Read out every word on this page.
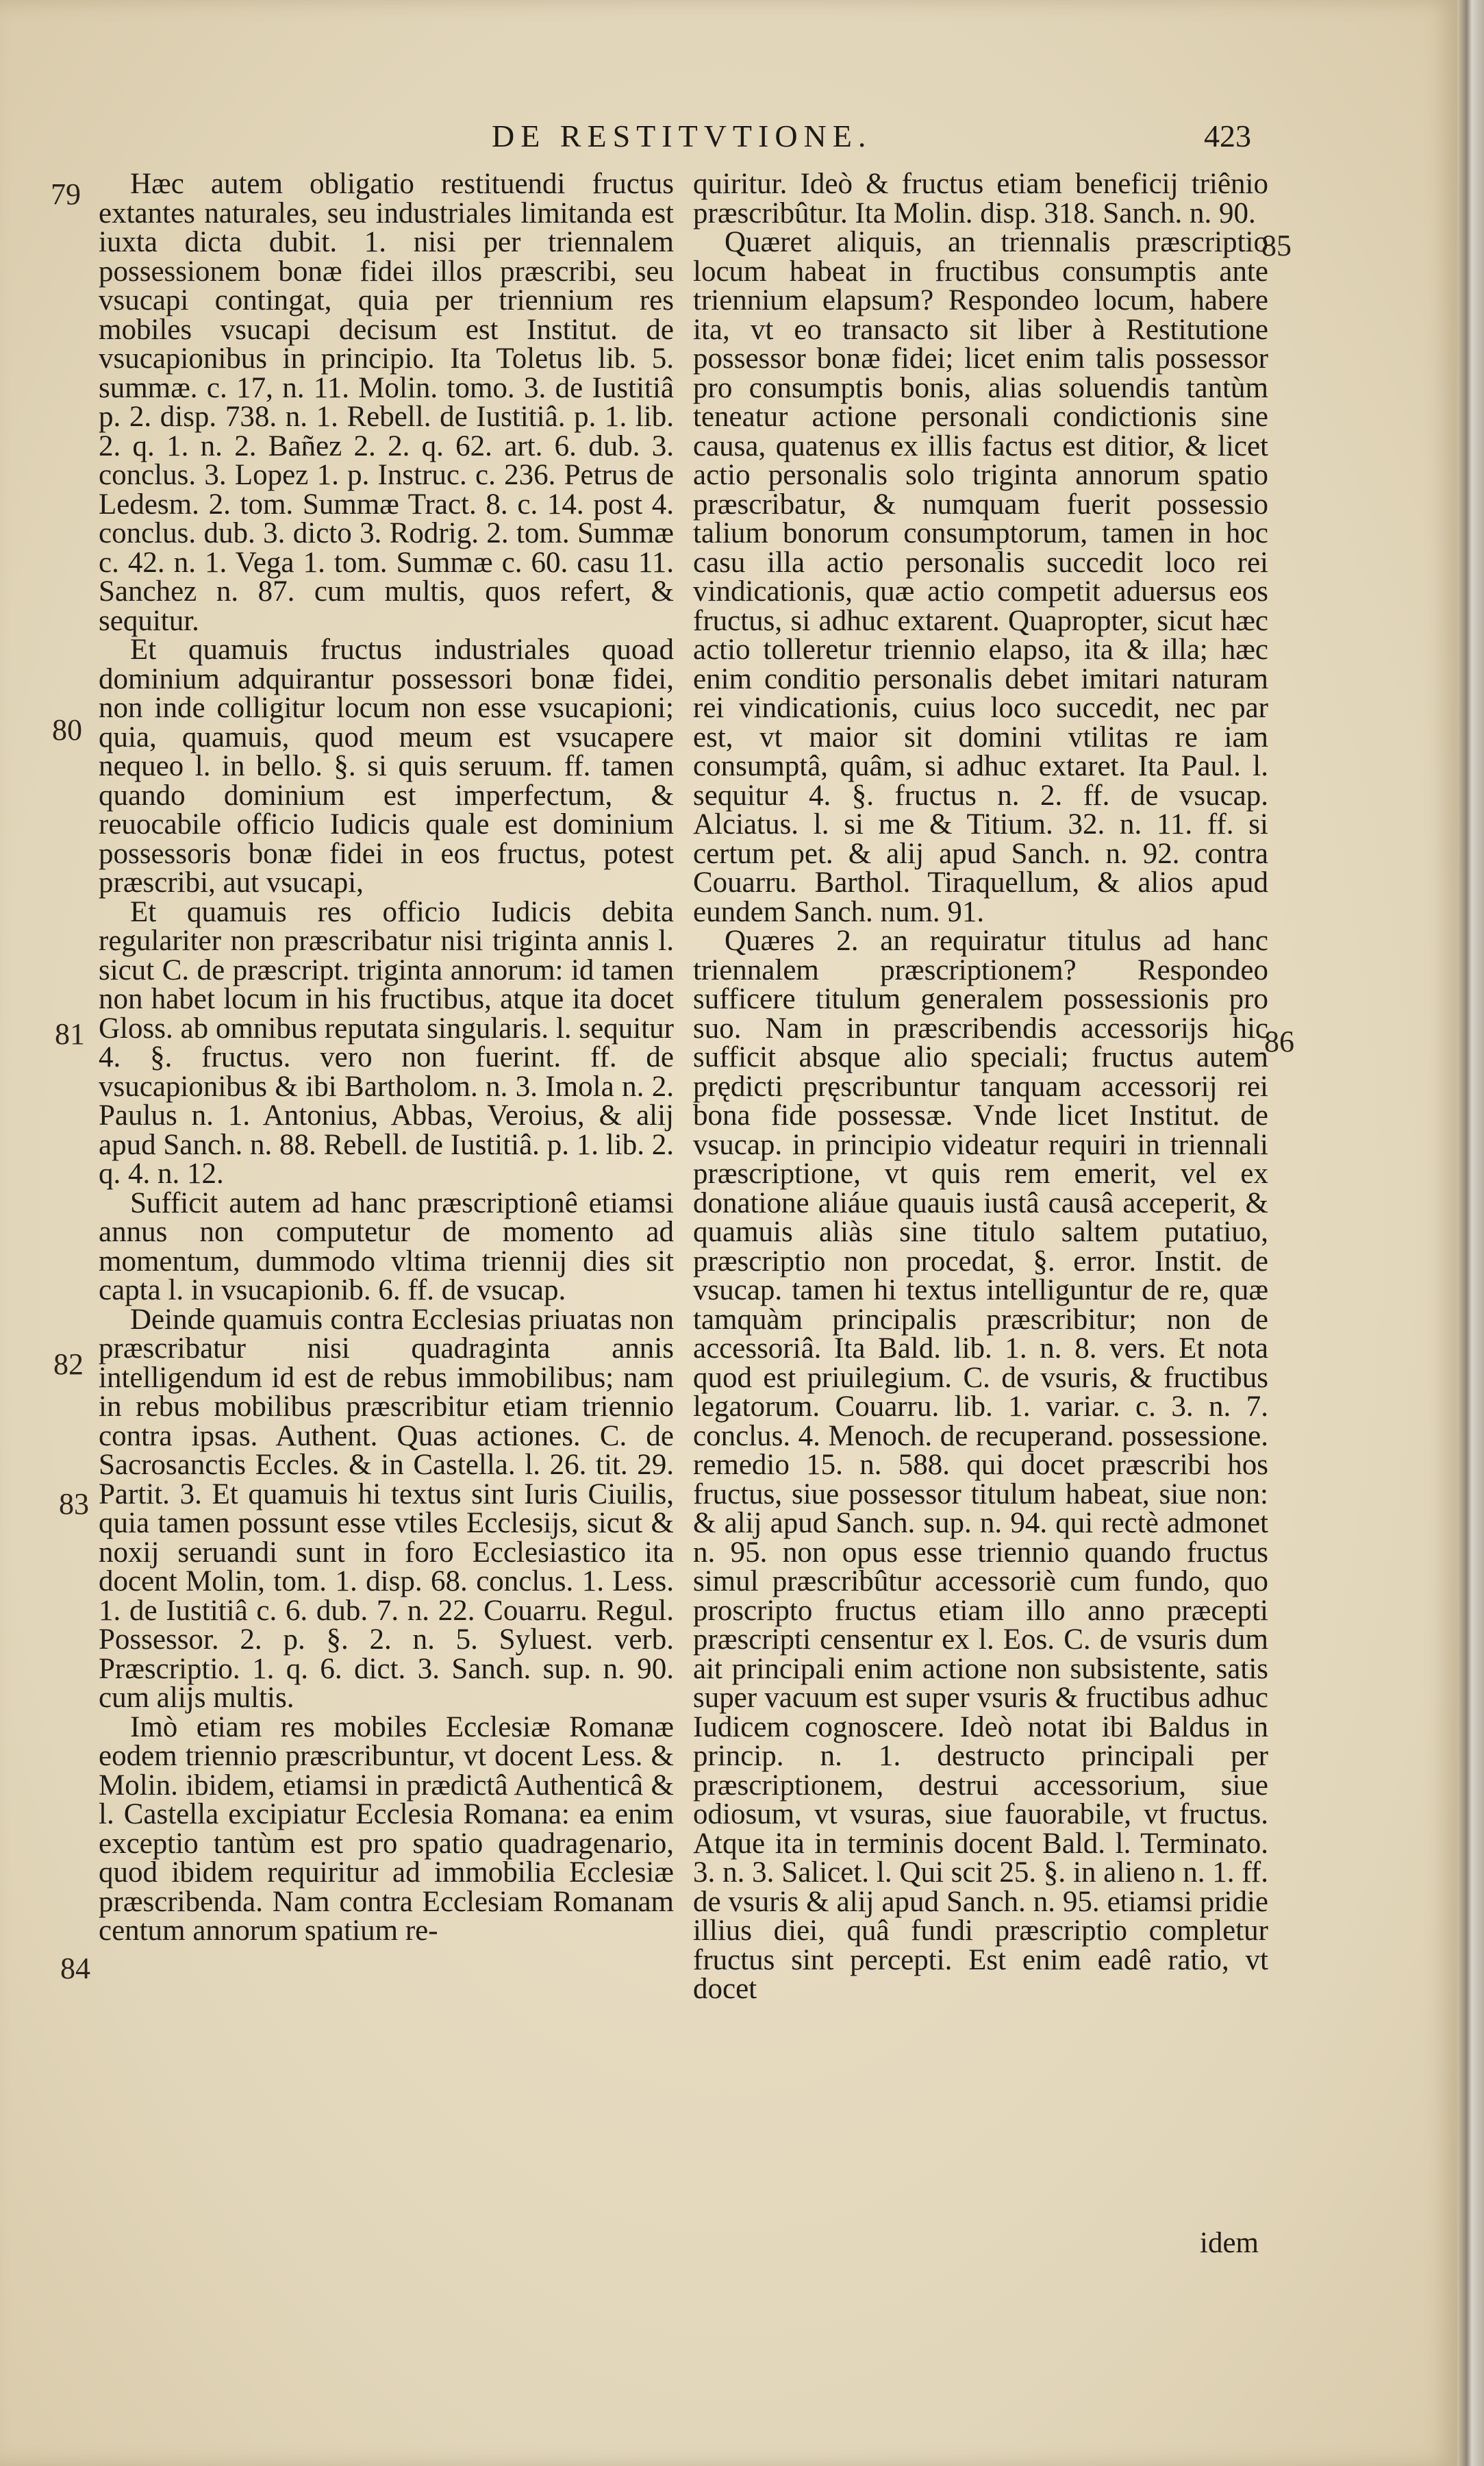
DE RESTITVTIONE.	423
79
80
81
82
83
84
85
86

Hæc autem obligatio restituendi fructus extantes naturales, seu industriales limitanda est iuxta dicta dubit. 1. nisi per triennalem possessionem bonæ fidei illos præscribi, seu vsucapi contingat, quia per triennium res mobiles vsucapi decisum est Institut. de vsucapionibus in principio. Ita Toletus lib. 5. summæ. c. 17, n. 11. Molin. tomo. 3. de Iustitiâ p. 2. disp. 738. n. 1. Rebell. de Iustitiâ. p. 1. lib. 2. q. 1. n. 2. Bañez 2. 2. q. 62. art. 6. dub. 3. conclus. 3. Lopez 1. p. Instruc. c. 236. Petrus de Ledesm. 2. tom. Summæ Tract. 8. c. 14. post 4. conclus. dub. 3. dicto 3. Rodrig. 2. tom. Summæ c. 42. n. 1. Vega 1. tom. Summæ c. 60. casu 11. Sanchez n. 87. cum multis, quos refert, & sequitur.

Et quamuis fructus industriales quoad dominium adquirantur possessori bonæ fidei, non inde colligitur locum non esse vsucapioni; quia, quamuis, quod meum est vsucapere nequeo l. in bello. §. si quis seruum. ff. tamen quando dominium est imperfectum, & reuocabile officio Iudicis quale est dominium possessoris bonæ fidei in eos fructus, potest præscribi, aut vsucapi,

Et quamuis res officio Iudicis debita regulariter non præscribatur nisi triginta annis l. sicut C. de præscript. triginta annorum: id tamen non habet locum in his fructibus, atque ita docet Gloss. ab omnibus reputata singularis. l. sequitur 4. §. fructus. vero non fuerint. ff. de vsucapionibus & ibi Bartholom. n. 3. Imola n. 2. Paulus n. 1. Antonius, Abbas, Veroius, & alij apud Sanch. n. 88. Rebell. de Iustitiâ. p. 1. lib. 2. q. 4. n. 12.

Sufficit autem ad hanc præscriptionê etiamsi annus non computetur de momento ad momentum, dummodo vltima triennij dies sit capta l. in vsucapionib. 6. ff. de vsucap.

Deinde quamuis contra Ecclesias priuatas non præscribatur nisi quadraginta annis intelligendum id est de rebus immobilibus; nam in rebus mobilibus præscribitur etiam triennio contra ipsas. Authent. Quas actiones. C. de Sacrosanctis Eccles. & in Castella. l. 26. tit. 29. Partit. 3. Et quamuis hi textus sint Iuris Ciuilis, quia tamen possunt esse vtiles Ecclesijs, sicut & noxij seruandi sunt in foro Ecclesiastico ita docent Molin, tom. 1. disp. 68. conclus. 1. Less. 1. de Iustitiâ c. 6. dub. 7. n. 22. Couarru. Regul. Possessor. 2. p. §. 2. n. 5. Syluest. verb. Præscriptio. 1. q. 6. dict. 3. Sanch. sup. n. 90. cum alijs multis.

Imò etiam res mobiles Ecclesiæ Romanæ eodem triennio præscribuntur, vt docent Less. & Molin. ibidem, etiamsi in prædictâ Authenticâ & l. Castella excipiatur Ecclesia Romana: ea enim exceptio tantùm est pro spatio quadragenario, quod ibidem requiritur ad immobilia Ecclesiæ præscribenda. Nam contra Ecclesiam Romanam centum annorum spatium re-

quiritur. Ideò & fructus etiam beneficij triênio præscribûtur. Ita Molin. disp. 318. Sanch. n. 90.

Quæret aliquis, an triennalis præscriptio locum habeat in fructibus consumptis ante triennium elapsum? Respondeo locum, habere ita, vt eo transacto sit liber à Restitutione possessor bonæ fidei; licet enim talis possessor pro consumptis bonis, alias soluendis tantùm teneatur actione personali condictionis sine causa, quatenus ex illis factus est ditior, & licet actio personalis solo triginta annorum spatio præscribatur, & numquam fuerit possessio talium bonorum consumptorum, tamen in hoc casu illa actio personalis succedit loco rei vindicationis, quæ actio competit aduersus eos fructus, si adhuc extarent. Quapropter, sicut hæc actio tolleretur triennio elapso, ita & illa; hæc enim conditio personalis debet imitari naturam rei vindicationis, cuius loco succedit, nec par est, vt maior sit domini vtilitas re iam consumptâ, quâm, si adhuc extaret. Ita Paul. l. sequitur 4. §. fructus n. 2. ff. de vsucap. Alciatus. l. si me & Titium. 32. n. 11. ff. si certum pet. & alij apud Sanch. n. 92. contra Couarru. Barthol. Tiraquellum, & alios apud eundem Sanch. num. 91.

Quæres 2. an requiratur titulus ad hanc triennalem præscriptionem? Respondeo sufficere titulum generalem possessionis pro suo. Nam in præscribendis accessorijs hic sufficit absque alio speciali; fructus autem prędicti pręscribuntur tanquam accessorij rei bona fide possessæ. Vnde licet Institut. de vsucap. in principio videatur requiri in triennali præscriptione, vt quis rem emerit, vel ex donatione aliáue quauis iustâ causâ acceperit, & quamuis aliàs sine titulo saltem putatiuo, præscriptio non procedat, §. error. Instit. de vsucap. tamen hi textus intelliguntur de re, quæ tamquàm principalis præscribitur; non de accessoriâ. Ita Bald. lib. 1. n. 8. vers. Et nota quod est priuilegium. C. de vsuris, & fructibus legatorum. Couarru. lib. 1. variar. c. 3. n. 7. conclus. 4. Menoch. de recuperand. possessione. remedio 15. n. 588. qui docet præscribi hos fructus, siue possessor titulum habeat, siue non: & alij apud Sanch. sup. n. 94. qui rectè admonet n. 95. non opus esse triennio quando fructus simul præscribûtur accessoriè cum fundo, quo proscripto fructus etiam illo anno præcepti præscripti censentur ex l. Eos. C. de vsuris dum ait principali enim actione non subsistente, satis super vacuum est super vsuris & fructibus adhuc Iudicem cognoscere. Ideò notat ibi Baldus in princip. n. 1. destructo principali per præscriptionem, destrui accessorium, siue odiosum, vt vsuras, siue fauorabile, vt fructus. Atque ita in terminis docent Bald. l. Terminato. 3. n. 3. Salicet. l. Qui scit 25. §. in alieno n. 1. ff. de vsuris & alij apud Sanch. n. 95. etiamsi pridie illius diei, quâ fundi præscriptio completur fructus sint percepti. Est enim eadê ratio, vt docet

idem
